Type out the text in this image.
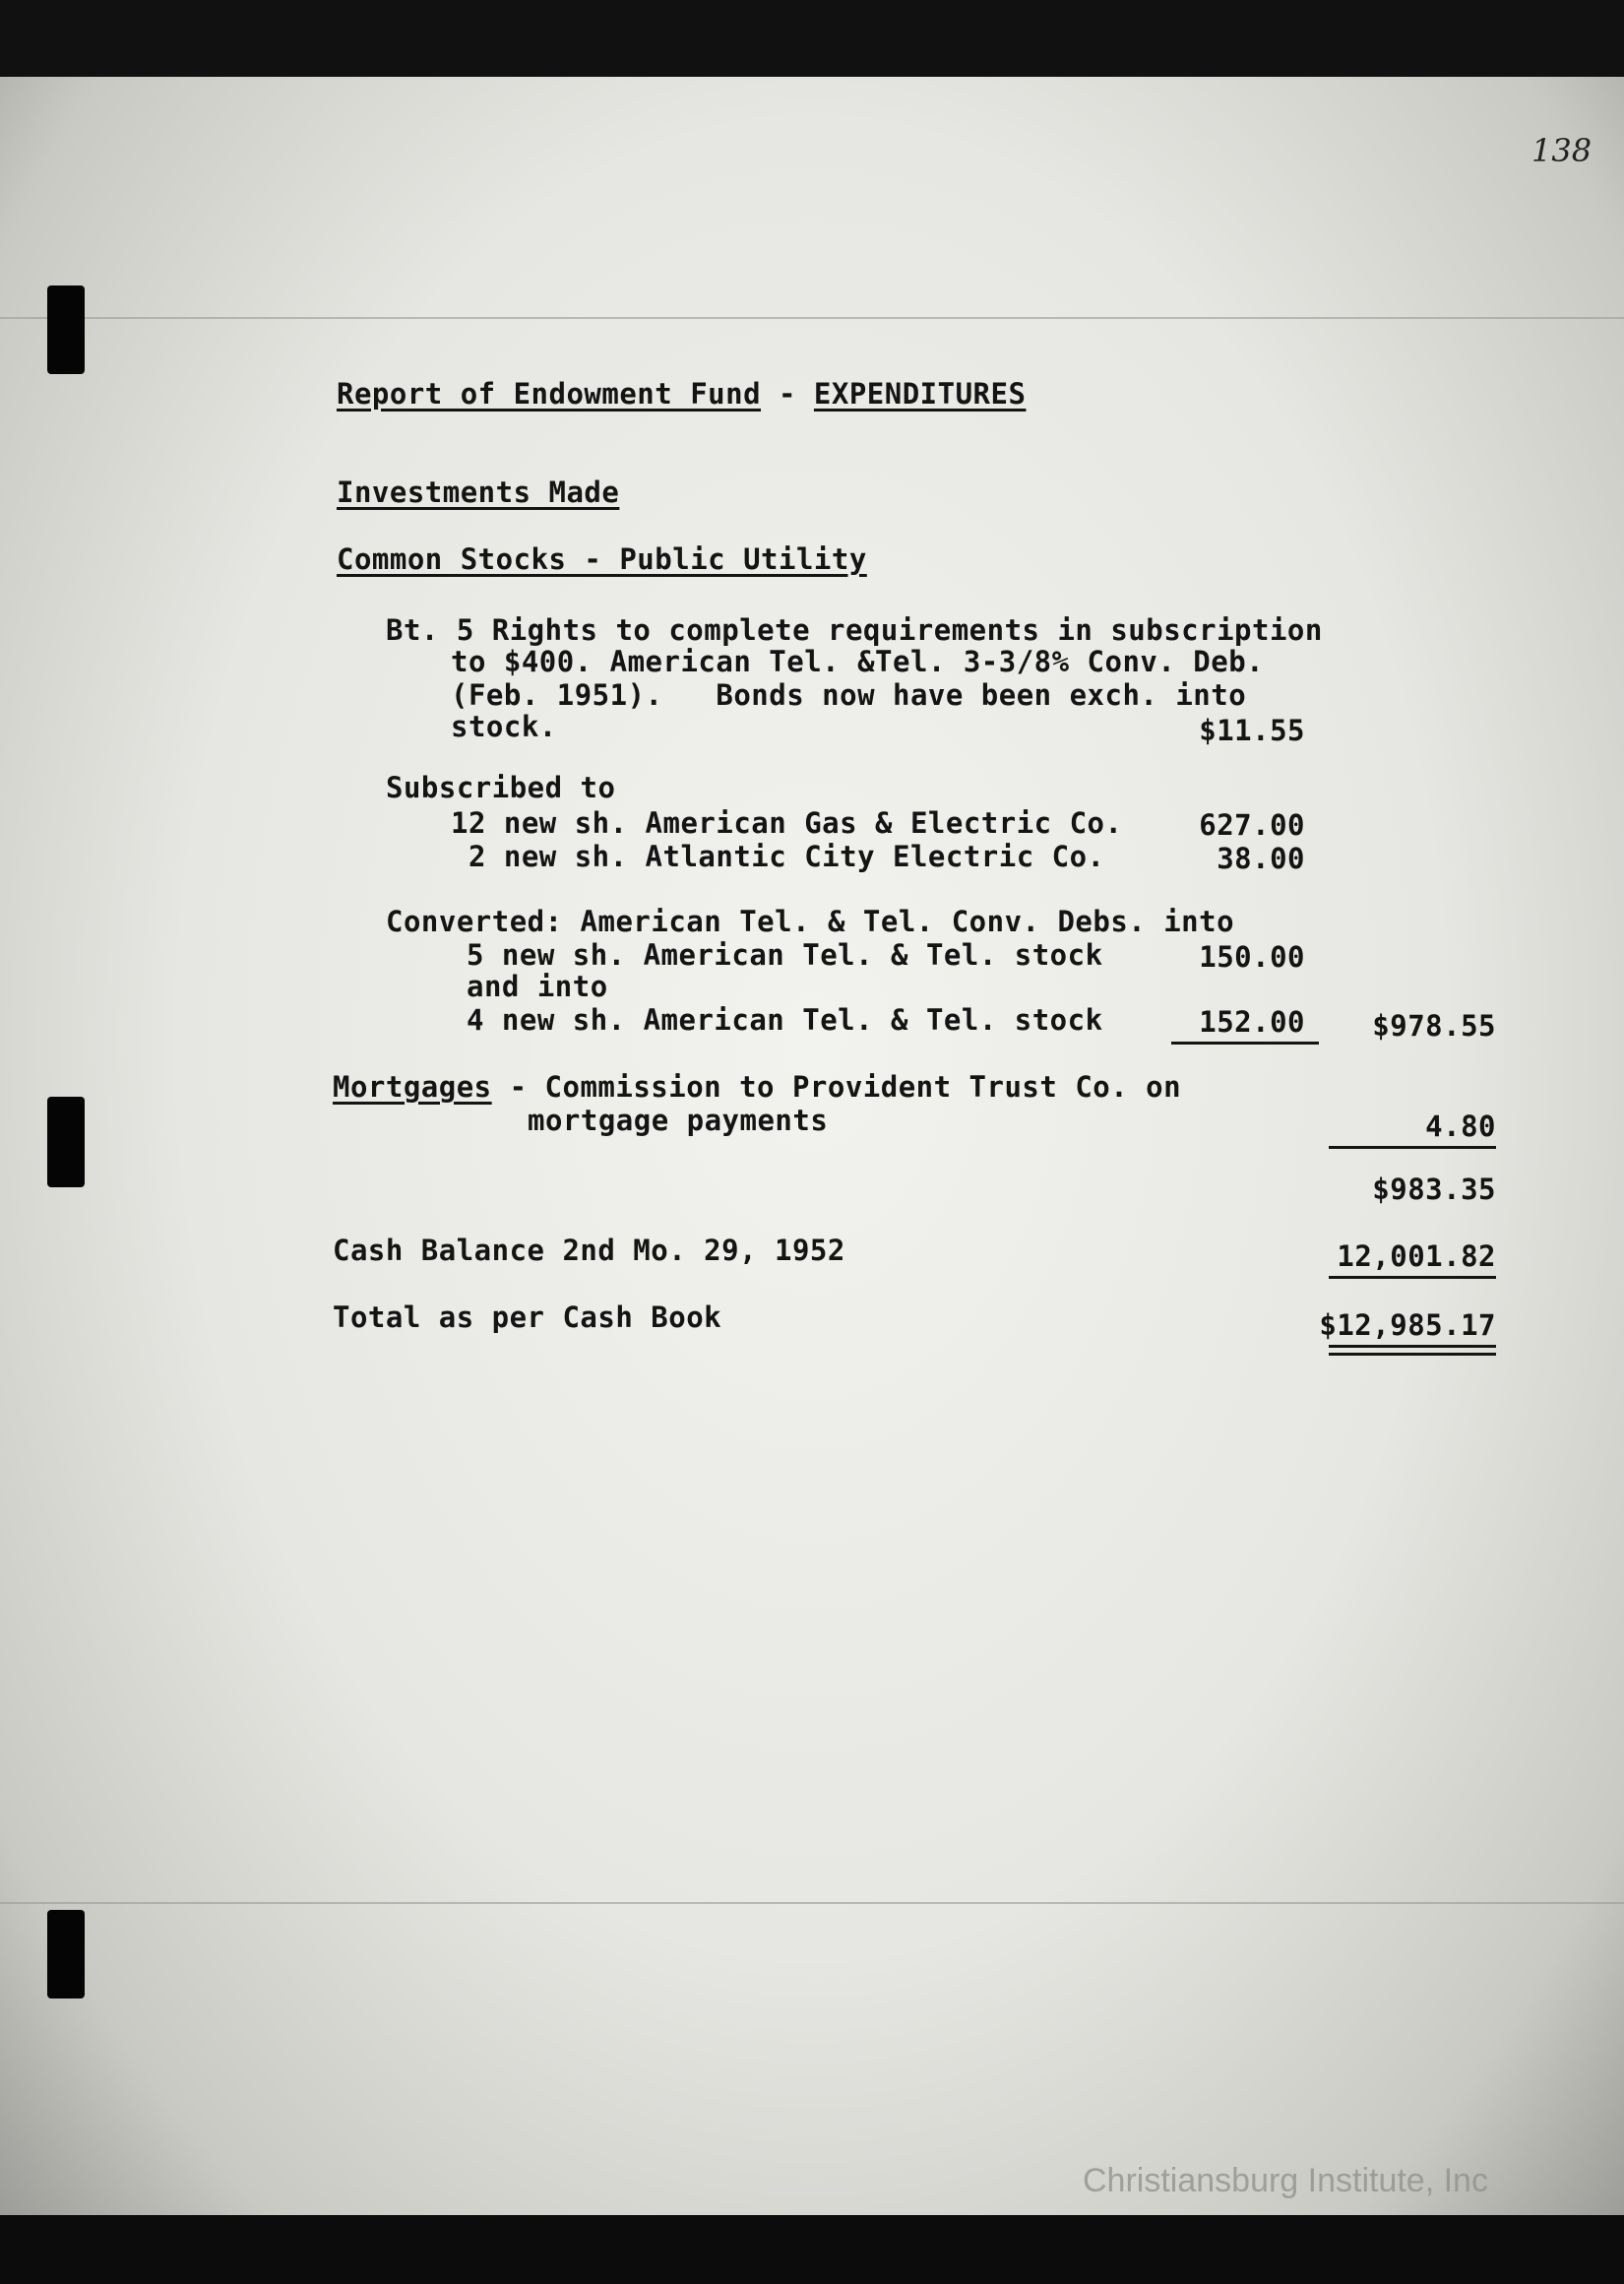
138
Report of Endowment Fund - EXPENDITURES
Investments Made
Common Stocks - Public Utility
Bt. 5 Rights to complete requirements in subscription
to $400. American Tel. &Tel. 3-3/8% Conv. Deb.
(Feb. 1951).   Bonds now have been exch. into
stock.	$11.55
Subscribed to
12 new sh. American Gas & Electric Co.	627.00
2 new sh. Atlantic City Electric Co.	38.00
Converted: American Tel. & Tel. Conv. Debs. into
5 new sh. American Tel. & Tel. stock	150.00
and into
4 new sh. American Tel. & Tel. stock	152.00	$978.55
Mortgages - Commission to Provident Trust Co. on
mortgage payments	4.80
$983.35
Cash Balance 2nd Mo. 29, 1952	12,001.82
Total as per Cash Book	$12,985.17
Christiansburg Institute, Inc
